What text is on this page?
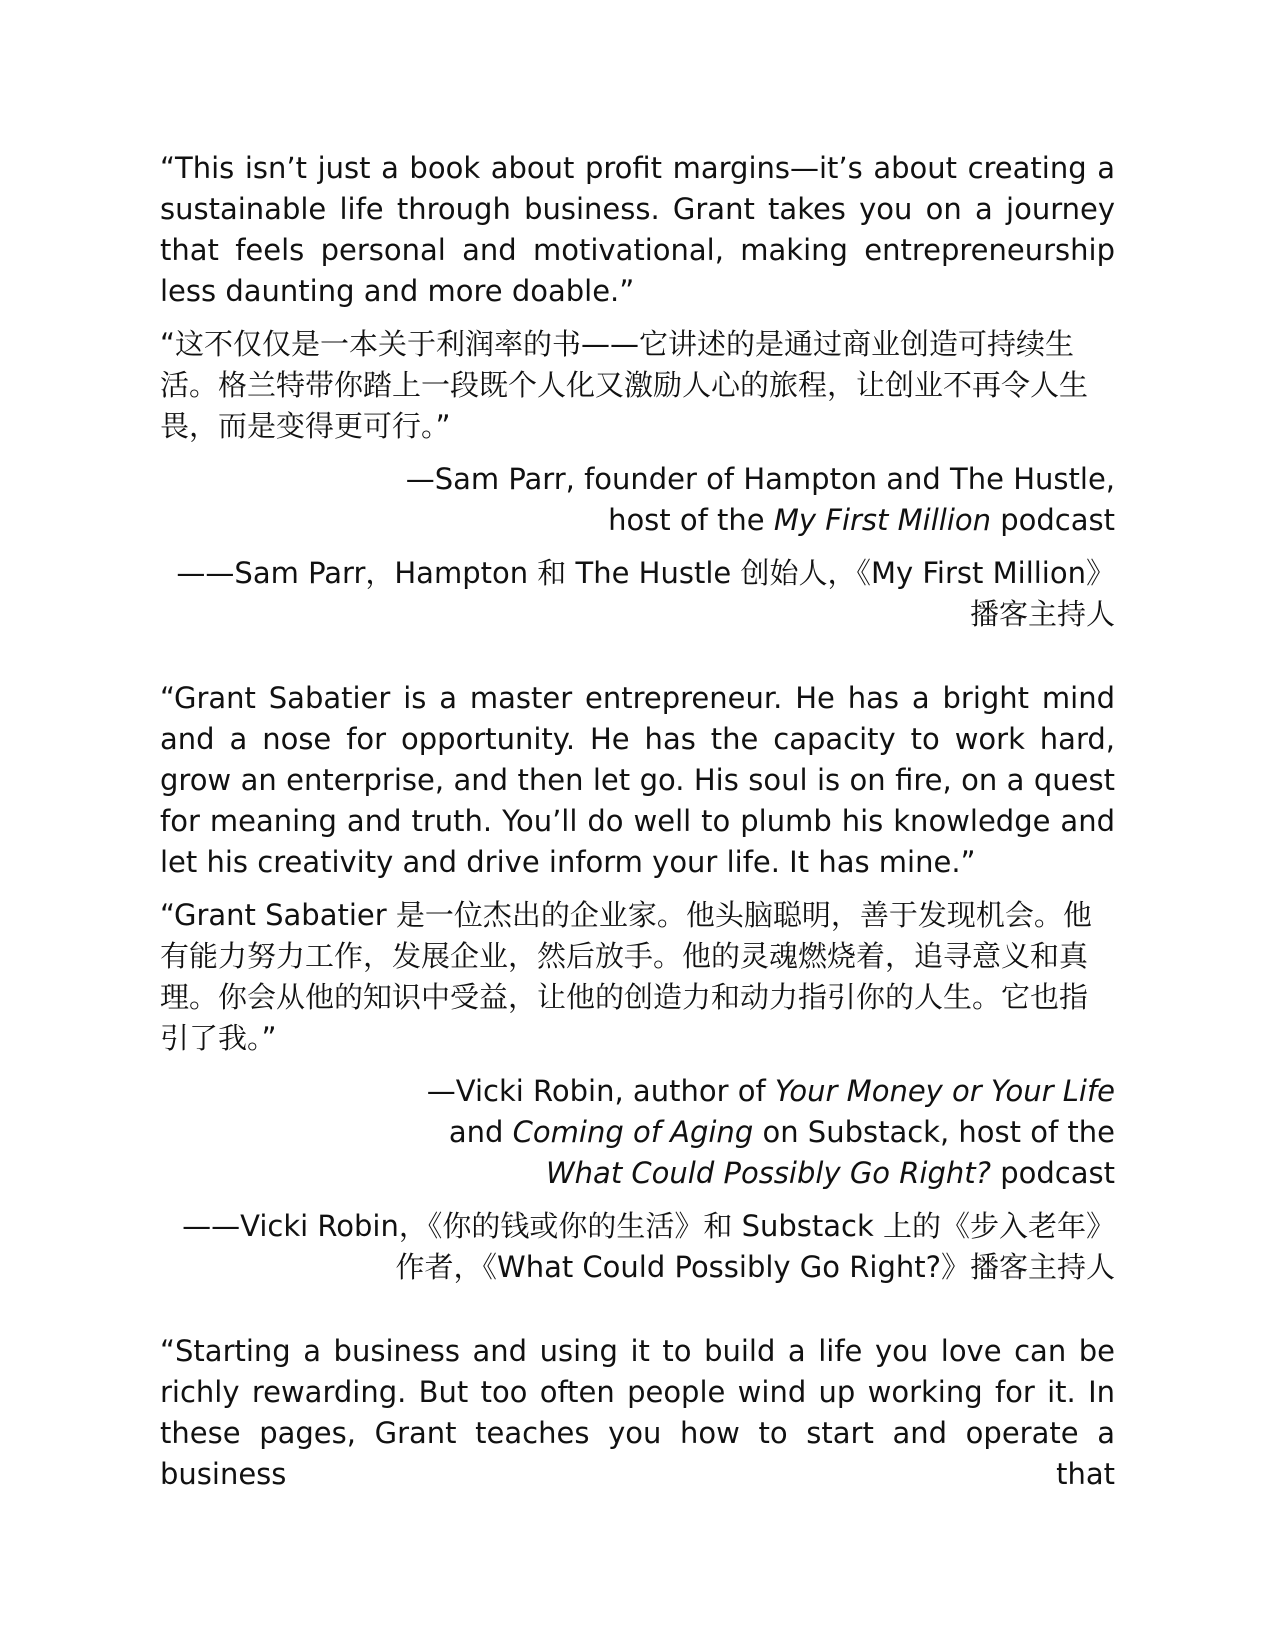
“This isn’t just a book about profit margins—it’s about creating a sustainable life through business. Grant takes you on a journey that feels personal and motivational, making entrepreneurship less daunting and more doable.”

“这不仅仅是一本关于利润率的书——它讲述的是通过商业创造可持续生活。格兰特带你踏上一段既个人化又激励人心的旅程，让创业不再令人生畏，而是变得更可行。”

—Sam Parr, founder of Hampton and The Hustle, host of the My First Million podcast

——Sam Parr，Hampton 和 The Hustle 创始人，《My First Million》播客主持人

“Grant Sabatier is a master entrepreneur. He has a bright mind and a nose for opportunity. He has the capacity to work hard, grow an enterprise, and then let go. His soul is on fire, on a quest for meaning and truth. You’ll do well to plumb his knowledge and let his creativity and drive inform your life. It has mine.”

“Grant Sabatier 是一位杰出的企业家。他头脑聪明，善于发现机会。他有能力努力工作，发展企业，然后放手。他的灵魂燃烧着，追寻意义和真理。你会从他的知识中受益，让他的创造力和动力指引你的人生。它也指引了我。”

—Vicki Robin, author of Your Money or Your Life and Coming of Aging on Substack, host of the What Could Possibly Go Right? podcast

——Vicki Robin，《你的钱或你的生活》和 Substack 上的《步入老年》作者，《What Could Possibly Go Right?》播客主持人

“Starting a business and using it to build a life you love can be richly rewarding. But too often people wind up working for it. In these pages, Grant teaches you how to start and operate a business that
